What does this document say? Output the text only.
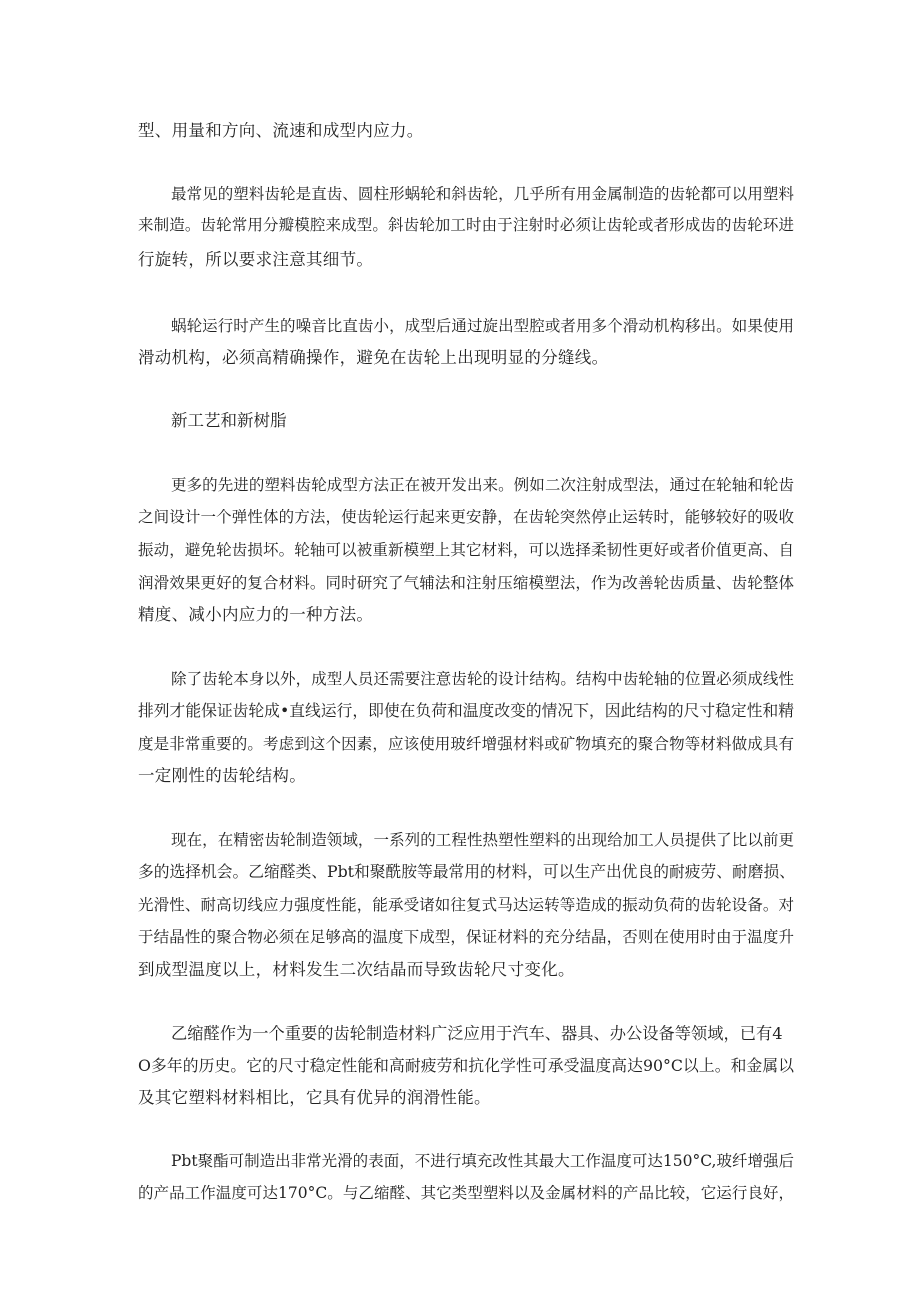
型、用量和方向、流速和成型内应力。
最常见的塑料齿轮是直齿、圆柱形蜗轮和斜齿轮，几乎所有用金属制造的齿轮都可以用塑料
来制造。齿轮常用分瓣模腔来成型。斜齿轮加工时由于注射时必须让齿轮或者形成齿的齿轮环进
行旋转，所以要求注意其细节。
蜗轮运行时产生的噪音比直齿小，成型后通过旋出型腔或者用多个滑动机构移出。如果使用
滑动机构，必须高精确操作，避免在齿轮上出现明显的分缝线。
新工艺和新树脂
更多的先进的塑料齿轮成型方法正在被开发出来。例如二次注射成型法，通过在轮轴和轮齿
之间设计一个弹性体的方法，使齿轮运行起来更安静，在齿轮突然停止运转时，能够较好的吸收
振动，避免轮齿损坏。轮轴可以被重新模塑上其它材料，可以选择柔韧性更好或者价值更高、自
润滑效果更好的复合材料。同时研究了气辅法和注射压缩模塑法，作为改善轮齿质量、齿轮整体
精度、减小内应力的一种方法。
除了齿轮本身以外，成型人员还需要注意齿轮的设计结构。结构中齿轮轴的位置必须成线性
排列才能保证齿轮成•直线运行，即使在负荷和温度改变的情况下，因此结构的尺寸稳定性和精
度是非常重要的。考虑到这个因素，应该使用玻纤增强材料或矿物填充的聚合物等材料做成具有
一定刚性的齿轮结构。
现在，在精密齿轮制造领域，一系列的工程性热塑性塑料的出现给加工人员提供了比以前更
多的选择机会。乙缩醛类、Pbt和聚酰胺等最常用的材料，可以生产出优良的耐疲劳、耐磨损、
光滑性、耐高切线应力强度性能，能承受诸如往复式马达运转等造成的振动负荷的齿轮设备。对
于结晶性的聚合物必须在足够高的温度下成型，保证材料的充分结晶，否则在使用时由于温度升
到成型温度以上，材料发生二次结晶而导致齿轮尺寸变化。
乙缩醛作为一个重要的齿轮制造材料广泛应用于汽车、器具、办公设备等领域，已有4
O多年的历史。它的尺寸稳定性能和高耐疲劳和抗化学性可承受温度高达90°C以上。和金属以
及其它塑料材料相比，它具有优异的润滑性能。
Pbt聚酯可制造出非常光滑的表面，不进行填充改性其最大工作温度可达150°C,玻纤增强后
的产品工作温度可达170°C。与乙缩醛、其它类型塑料以及金属材料的产品比较，它运行良好，
